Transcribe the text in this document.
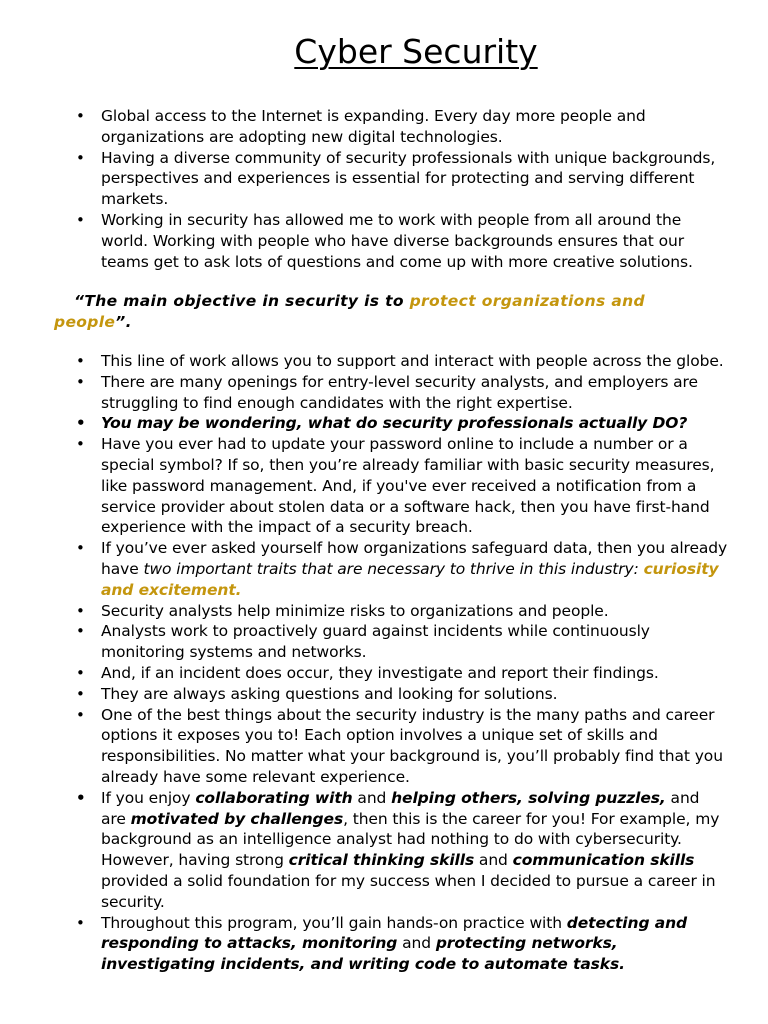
Cyber Security
• Global access to the Internet is expanding. Every day more people and organizations are adopting new digital technologies.
• Having a diverse community of security professionals with unique backgrounds, perspectives and experiences is essential for protecting and serving different markets.
• Working in security has allowed me to work with people from all around the world. Working with people who have diverse backgrounds ensures that our teams get to ask lots of questions and come up with more creative solutions.
“The main objective in security is to protect organizations and people”.
• This line of work allows you to support and interact with people across the globe.
• There are many openings for entry-level security analysts, and employers are struggling to find enough candidates with the right expertise.
• You may be wondering, what do security professionals actually DO?
• Have you ever had to update your password online to include a number or a special symbol? If so, then you’re already familiar with basic security measures, like password management. And, if you've ever received a notification from a service provider about stolen data or a software hack, then you have first-hand experience with the impact of a security breach.
• If you’ve ever asked yourself how organizations safeguard data, then you already have two important traits that are necessary to thrive in this industry: curiosity and excitement.
• Security analysts help minimize risks to organizations and people.
• Analysts work to proactively guard against incidents while continuously monitoring systems and networks.
• And, if an incident does occur, they investigate and report their findings.
• They are always asking questions and looking for solutions.
• One of the best things about the security industry is the many paths and career options it exposes you to! Each option involves a unique set of skills and responsibilities. No matter what your background is, you’ll probably find that you already have some relevant experience.
• If you enjoy collaborating with and helping others, solving puzzles, and are motivated by challenges, then this is the career for you! For example, my background as an intelligence analyst had nothing to do with cybersecurity. However, having strong critical thinking skills and communication skills provided a solid foundation for my success when I decided to pursue a career in security.
• Throughout this program, you’ll gain hands-on practice with detecting and responding to attacks, monitoring and protecting networks, investigating incidents, and writing code to automate tasks.
